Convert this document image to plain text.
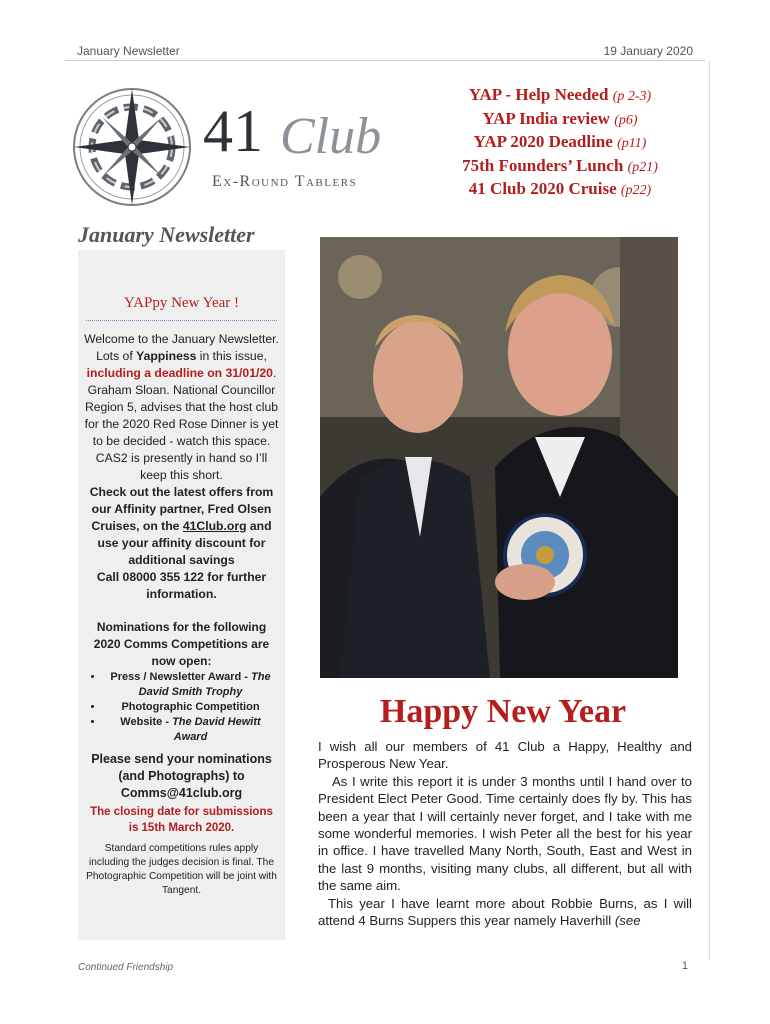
January Newsletter	19 January 2020
41 Club
Ex-Round Tablers
YAP - Help Needed (p 2-3)
YAP India review (p6)
YAP 2020 Deadline (p11)
75th Founders’ Lunch (p21)
41 Club 2020 Cruise (p22)
January Newsletter
YAPpy New Year !
Welcome to the January Newsletter. Lots of Yappiness in this issue, including a deadline on 31/01/20.
Graham Sloan. National Councillor Region 5, advises that the host club for the 2020 Red Rose Dinner is yet to be decided - watch this space.
CAS2 is presently in hand so I’ll keep this short.
Check out the latest offers from our Affinity partner, Fred Olsen Cruises, on the 41Club.org and use your affinity discount for additional savings
Call 08000 355 122 for further information.
Nominations for the following 2020 Comms Competitions are now open:
• Press / Newsletter Award - The David Smith Trophy
• Photographic Competition
• Website - The David Hewitt Award
Please send your nominations (and Photographs) to Comms@41club.org
The closing date for submissions is 15th March 2020.
Standard competitions rules apply including the judges decision is final. The Photographic Competition will be joint with Tangent.
Happy New Year

I wish all our members of 41 Club a Happy, Healthy and Prosperous New Year.

As I write this report it is under 3 months until I hand over to President Elect Peter Good. Time certainly does fly by. This has been a year that I will certainly never forget, and I take with me some wonderful memories. I wish Peter all the best for his year in office. I have travelled Many North, South, East and West in the last 9 months, visiting many clubs, all different, but all with the same aim.

This year I have learnt more about Robbie Burns, as I will attend 4 Burns Suppers this year namely Haverhill (see

Continued Friendship	1
